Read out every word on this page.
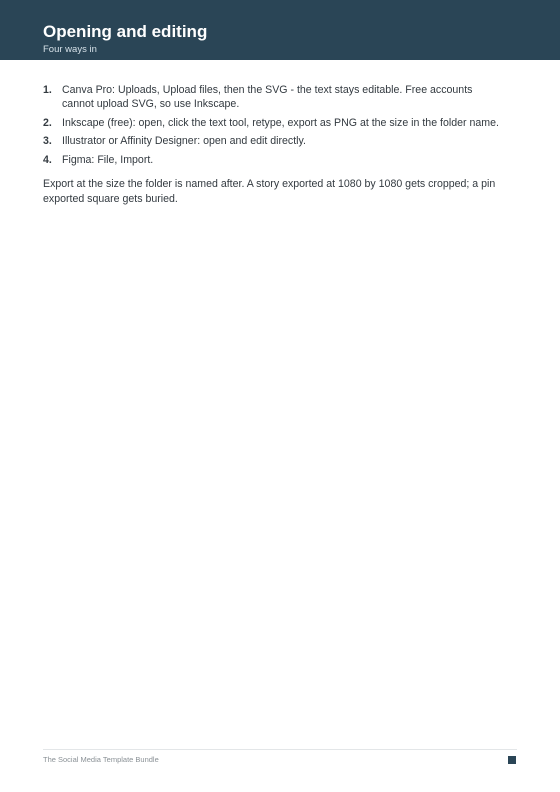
Opening and editing

Four ways in

1. Canva Pro: Uploads, Upload files, then the SVG - the text stays editable. Free accounts cannot upload SVG, so use Inkscape.
2. Inkscape (free): open, click the text tool, retype, export as PNG at the size in the folder name.
3. Illustrator or Affinity Designer: open and edit directly.
4. Figma: File, Import.

Export at the size the folder is named after. A story exported at 1080 by 1080 gets cropped; a pin exported square gets buried.

The Social Media Template Bundle
